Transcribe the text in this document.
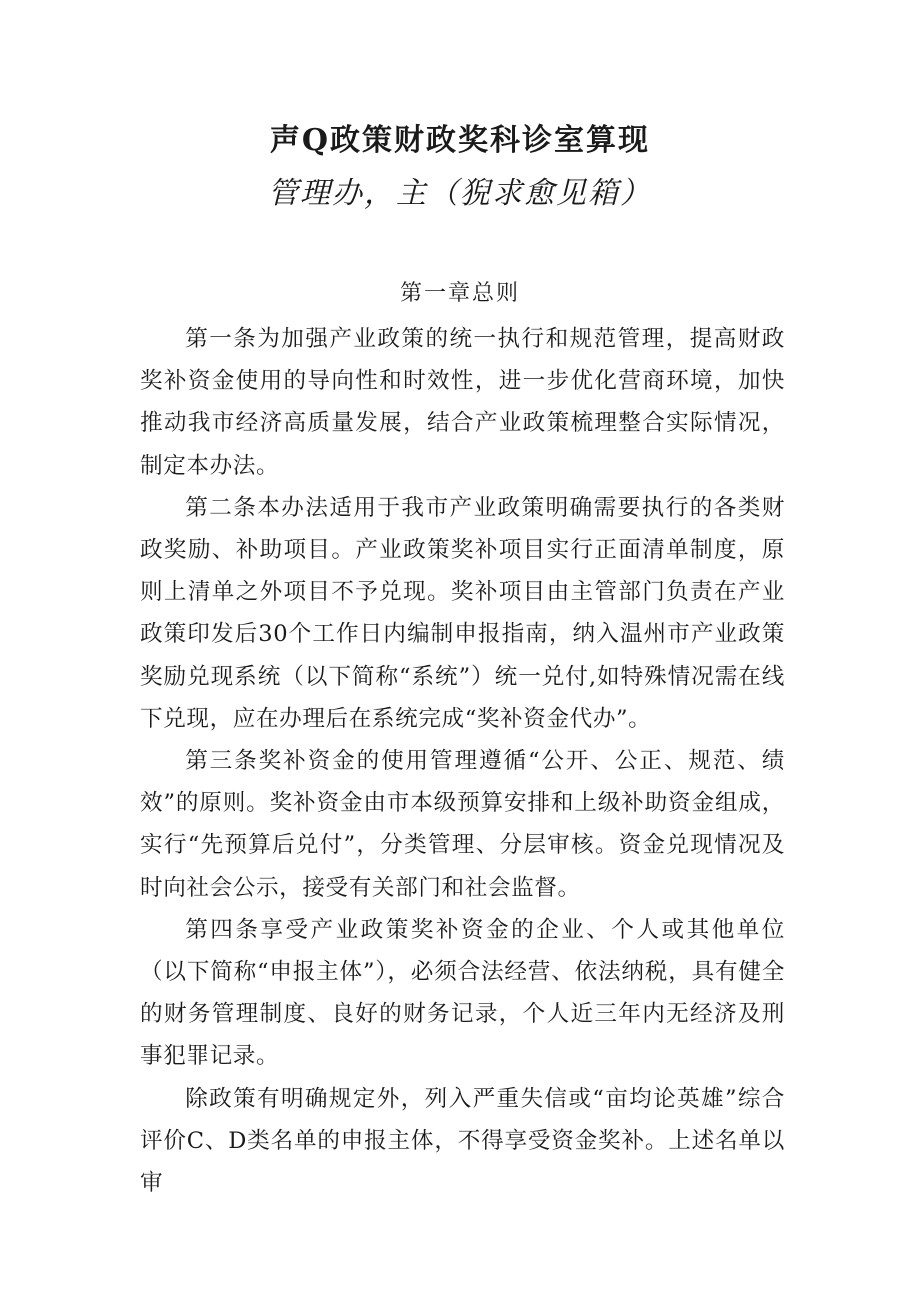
声Q政策财政奖科诊室算现
管理办，主（猊求愈见箱）
第一章总则

第一条为加强产业政策的统一执行和规范管理，提高财政奖补资金使用的导向性和时效性，进一步优化营商环境，加快推动我市经济高质量发展，结合产业政策梳理整合实际情况，制定本办法。

第二条本办法适用于我市产业政策明确需要执行的各类财政奖励、补助项目。产业政策奖补项目实行正面清单制度，原则上清单之外项目不予兑现。奖补项目由主管部门负责在产业政策印发后30个工作日内编制申报指南，纳入温州市产业政策奖励兑现系统（以下简称“系统”）统一兑付,如特殊情况需在线下兑现，应在办理后在系统完成“奖补资金代办”。

第三条奖补资金的使用管理遵循“公开、公正、规范、绩效”的原则。奖补资金由市本级预算安排和上级补助资金组成，实行“先预算后兑付”，分类管理、分层审核。资金兑现情况及时向社会公示，接受有关部门和社会监督。

第四条享受产业政策奖补资金的企业、个人或其他单位（以下简称“申报主体”），必须合法经营、依法纳税，具有健全的财务管理制度、良好的财务记录，个人近三年内无经济及刑事犯罪记录。

除政策有明确规定外，列入严重失信或“亩均论英雄”综合评价C、D类名单的申报主体，不得享受资金奖补。上述名单以审
